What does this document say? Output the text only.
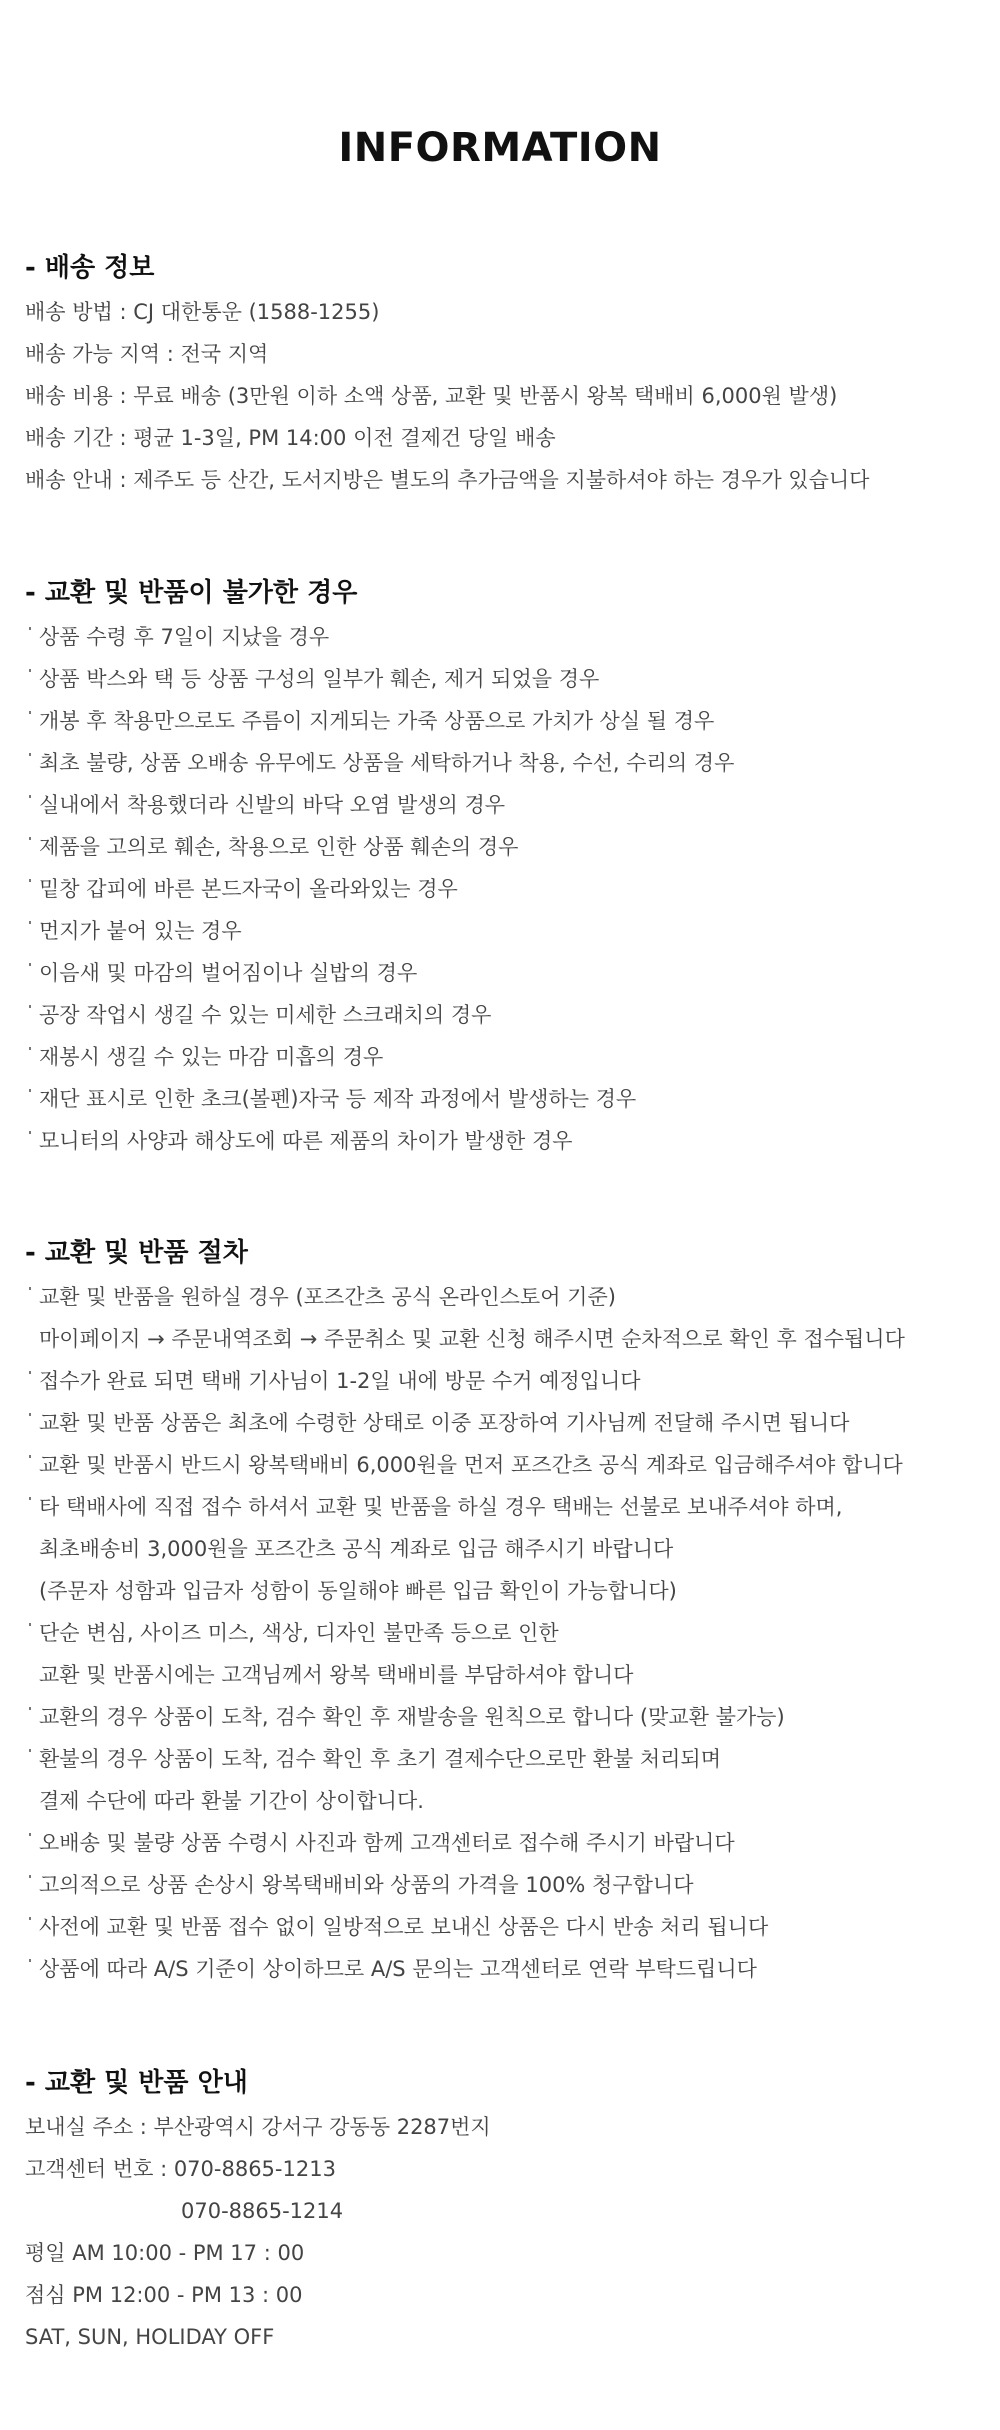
INFORMATION
- 배송 정보
배송 방법 : CJ 대한통운 (1588-1255)
배송 가능 지역 : 전국 지역
배송 비용 : 무료 배송 (3만원 이하 소액 상품, 교환 및 반품시 왕복 택배비 6,000원 발생)
배송 기간 : 평균 1-3일, PM 14:00 이전 결제건 당일 배송
배송 안내 : 제주도 등 산간, 도서지방은 별도의 추가금액을 지불하셔야 하는 경우가 있습니다
- 교환 및 반품이 불가한 경우
상품 수령 후 7일이 지났을 경우
상품 박스와 택 등 상품 구성의 일부가 훼손, 제거 되었을 경우
개봉 후 착용만으로도 주름이 지게되는 가죽 상품으로 가치가 상실 될 경우
최초 불량, 상품 오배송 유무에도 상품을 세탁하거나 착용, 수선, 수리의 경우
실내에서 착용했더라 신발의 바닥 오염 발생의 경우
제품을 고의로 훼손, 착용으로 인한 상품 훼손의 경우
밑창 갑피에 바른 본드자국이 올라와있는 경우
먼지가 붙어 있는 경우
이음새 및 마감의 벌어짐이나 실밥의 경우
공장 작업시 생길 수 있는 미세한 스크래치의 경우
재봉시 생길 수 있는 마감 미흡의 경우
재단 표시로 인한 초크(볼펜)자국 등 제작 과정에서 발생하는 경우
모니터의 사양과 해상도에 따른 제품의 차이가 발생한 경우
- 교환 및 반품 절차
교환 및 반품을 원하실 경우 (포즈간츠 공식 온라인스토어 기준)
마이페이지 → 주문내역조회 → 주문취소 및 교환 신청 해주시면 순차적으로 확인 후 접수됩니다
접수가 완료 되면 택배 기사님이 1-2일 내에 방문 수거 예정입니다
교환 및 반품 상품은 최초에 수령한 상태로 이중 포장하여 기사님께 전달해 주시면 됩니다
교환 및 반품시 반드시 왕복택배비 6,000원을 먼저 포즈간츠 공식 계좌로 입금해주셔야 합니다
타 택배사에 직접 접수 하셔서 교환 및 반품을 하실 경우 택배는 선불로 보내주셔야 하며,
최초배송비 3,000원을 포즈간츠 공식 계좌로 입금 해주시기 바랍니다
(주문자 성함과 입금자 성함이 동일해야 빠른 입금 확인이 가능합니다)
단순 변심, 사이즈 미스, 색상, 디자인 불만족 등으로 인한
교환 및 반품시에는 고객님께서 왕복 택배비를 부담하셔야 합니다
교환의 경우 상품이 도착, 검수 확인 후 재발송을 원칙으로 합니다 (맞교환 불가능)
환불의 경우 상품이 도착, 검수 확인 후 초기 결제수단으로만 환불 처리되며
결제 수단에 따라 환불 기간이 상이합니다.
오배송 및 불량 상품 수령시 사진과 함께 고객센터로 접수해 주시기 바랍니다
고의적으로 상품 손상시 왕복택배비와 상품의 가격을 100% 청구합니다
사전에 교환 및 반품 접수 없이 일방적으로 보내신 상품은 다시 반송 처리 됩니다
상품에 따라 A/S 기준이 상이하므로 A/S 문의는 고객센터로 연락 부탁드립니다
- 교환 및 반품 안내
보내실 주소 : 부산광역시 강서구 강동동 2287번지
고객센터 번호 : 070-8865-1213
070-8865-1214
평일 AM 10:00 - PM 17 : 00
점심 PM 12:00 - PM 13 : 00
SAT, SUN, HOLIDAY OFF
